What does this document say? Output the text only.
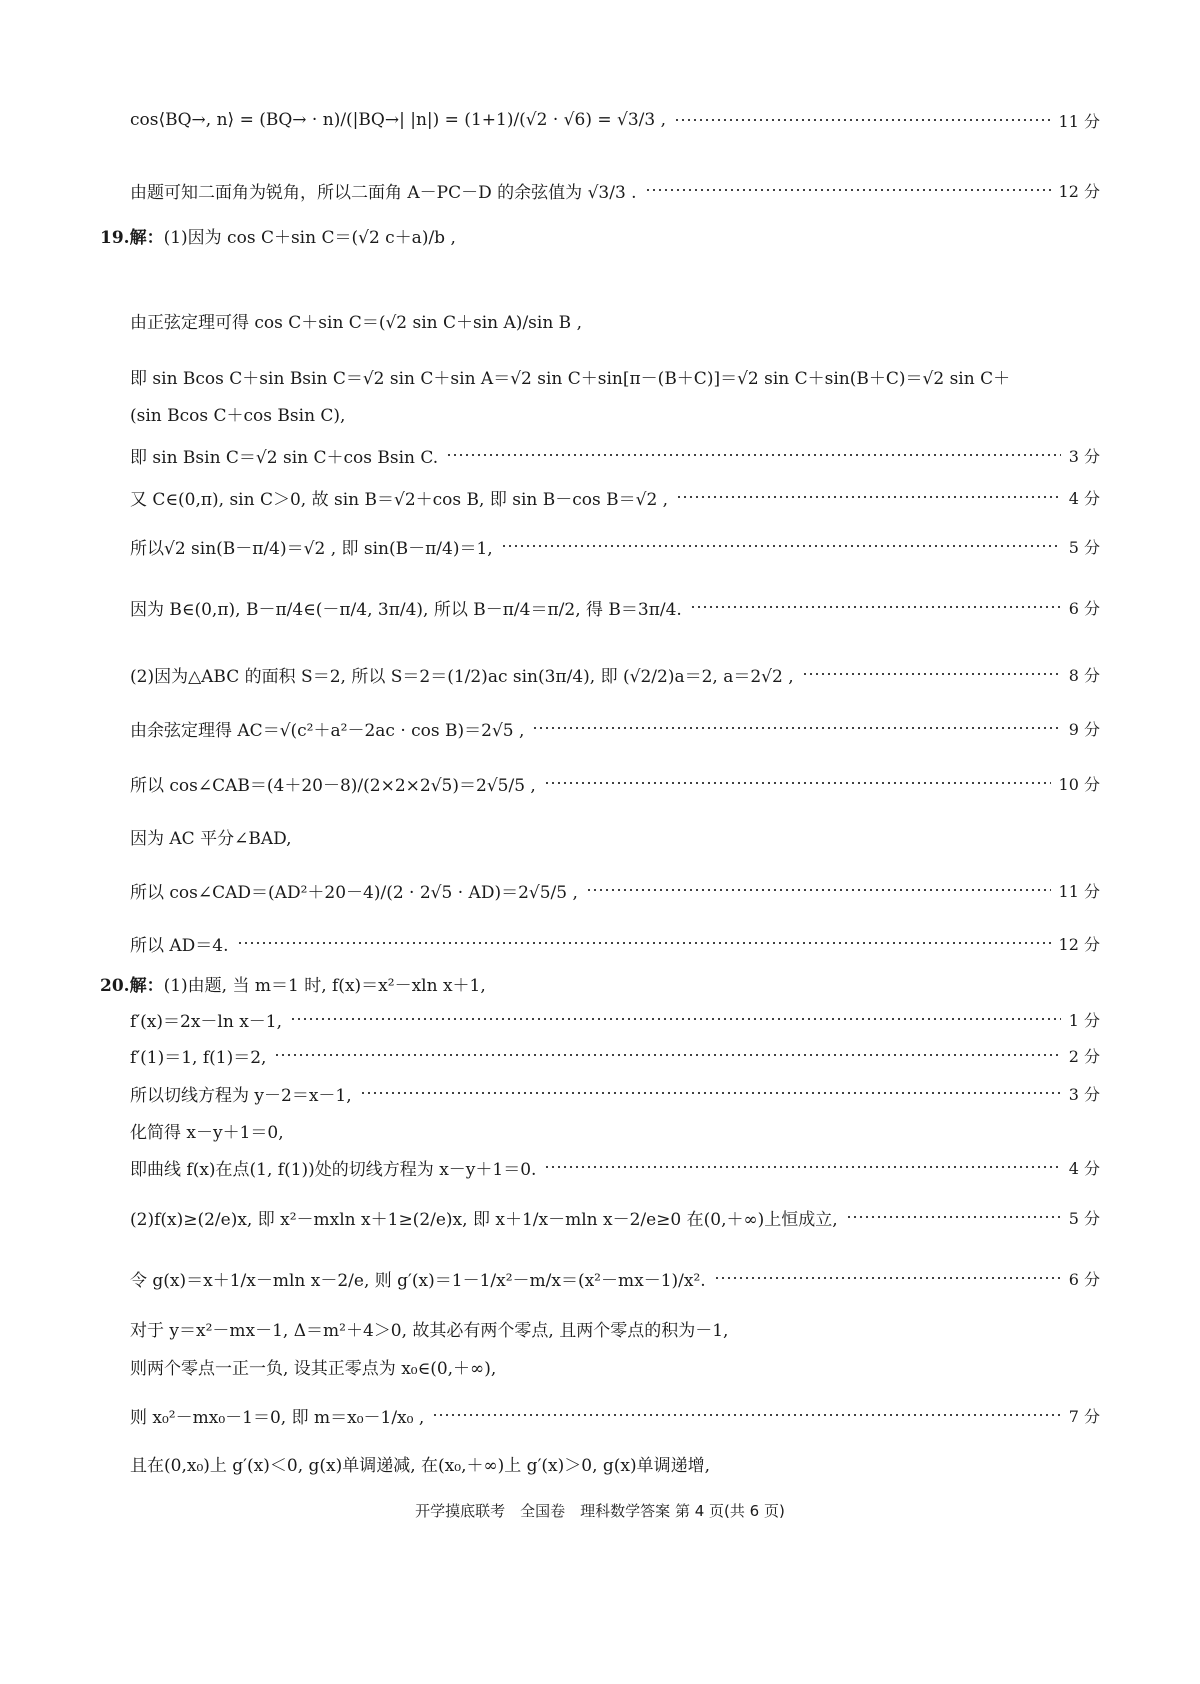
cos⟨BQ→, n⟩ = (BQ→ · n)/(|BQ→| |n|) = (1+1)/(√2 · √6) = √3/3 ,	11 分
由题可知二面角为锐角，所以二面角 A－PC－D 的余弦值为 √3/3 .	12 分
19.解： (1)因为 cos C＋sin C＝(√2 c＋a)/b ,
由正弦定理可得 cos C＋sin C＝(√2 sin C＋sin A)/sin B ,
即 sin Bcos C＋sin Bsin C＝√2 sin C＋sin A＝√2 sin C＋sin[π－(B＋C)]＝√2 sin C＋sin(B＋C)＝√2 sin C＋
(sin Bcos C＋cos Bsin C),
即 sin Bsin C＝√2 sin C＋cos Bsin C.	3 分
又 C∈(0,π), sin C＞0, 故 sin B＝√2＋cos B, 即 sin B－cos B＝√2 ,	4 分
所以√2 sin(B－π/4)＝√2 , 即 sin(B－π/4)＝1,	5 分
因为 B∈(0,π), B－π/4∈(－π/4, 3π/4), 所以 B－π/4＝π/2, 得 B＝3π/4.	6 分
(2)因为△ABC 的面积 S＝2, 所以 S＝2＝(1/2)ac sin(3π/4), 即 (√2/2)a＝2, a＝2√2 ,	8 分
由余弦定理得 AC＝√(c²＋a²－2ac · cos B)＝2√5 ,	9 分
所以 cos∠CAB＝(4＋20－8)/(2×2×2√5)＝2√5/5 ,	10 分
因为 AC 平分∠BAD,
所以 cos∠CAD＝(AD²＋20－4)/(2 · 2√5 · AD)＝2√5/5 ,	11 分
所以 AD＝4.	12 分
20.解： (1)由题, 当 m＝1 时, f(x)＝x²－xln x＋1,
f′(x)＝2x－ln x－1,	1 分
f′(1)＝1, f(1)＝2,	2 分
所以切线方程为 y－2＝x－1,	3 分
化简得 x－y＋1＝0,
即曲线 f(x)在点(1, f(1))处的切线方程为 x－y＋1＝0.	4 分
(2)f(x)≥(2/e)x, 即 x²－mxln x＋1≥(2/e)x, 即 x＋1/x－mln x－2/e≥0 在(0,＋∞)上恒成立,	5 分
令 g(x)＝x＋1/x－mln x－2/e, 则 g′(x)＝1－1/x²－m/x＝(x²－mx－1)/x².	6 分
对于 y＝x²－mx－1, Δ＝m²＋4＞0, 故其必有两个零点, 且两个零点的积为－1,
则两个零点一正一负, 设其正零点为 x₀∈(0,＋∞),
则 x₀²－mx₀－1＝0, 即 m＝x₀－1/x₀ ,	7 分
且在(0,x₀)上 g′(x)＜0, g(x)单调递减, 在(x₀,＋∞)上 g′(x)＞0, g(x)单调递增,
开学摸底联考　全国卷　理科数学答案 第 4 页(共 6 页)
